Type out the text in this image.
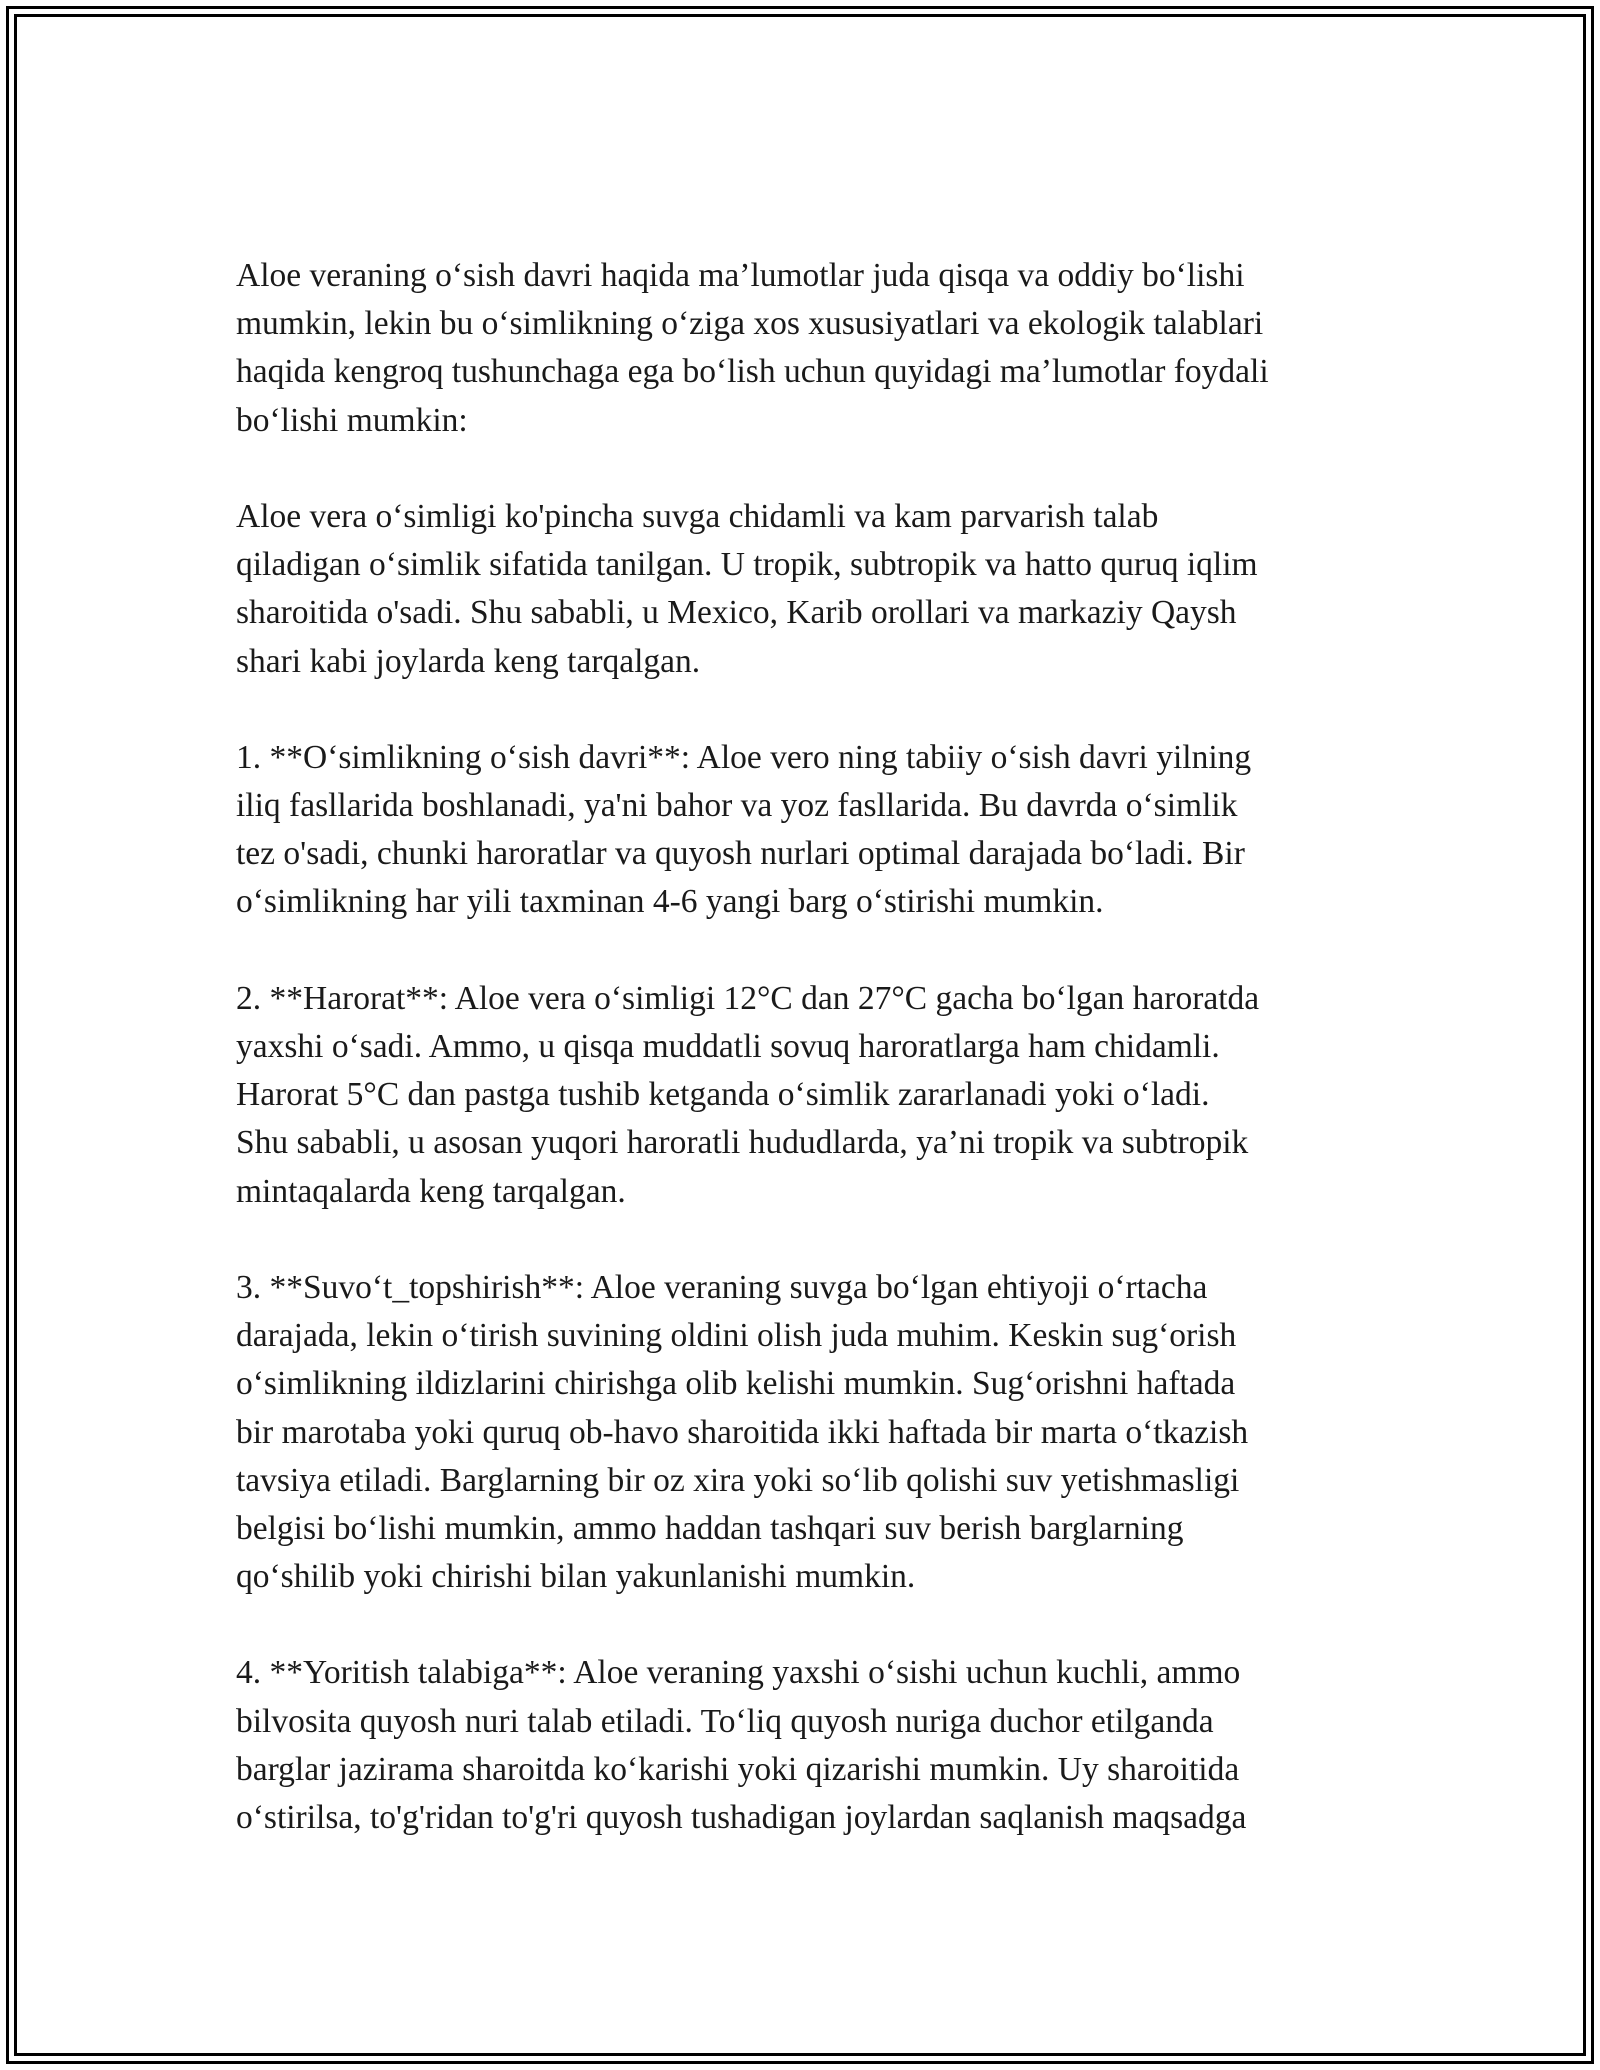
Aloe veraning o‘sish davri haqida ma’lumotlar juda qisqa va oddiy bo‘lishi
mumkin, lekin bu o‘simlikning o‘ziga xos xususiyatlari va ekologik talablari
haqida kengroq tushunchaga ega bo‘lish uchun quyidagi ma’lumotlar foydali
bo‘lishi mumkin:
Aloe vera o‘simligi ko'pincha suvga chidamli va kam parvarish talab
qiladigan o‘simlik sifatida tanilgan. U tropik, subtropik va hatto quruq iqlim
sharoitida o'sadi. Shu sababli, u Mexico, Karib orollari va markaziy Qaysh
shari kabi joylarda keng tarqalgan.
1. **O‘simlikning o‘sish davri**: Aloe vero ning tabiiy o‘sish davri yilning
iliq fasllarida boshlanadi, ya'ni bahor va yoz fasllarida. Bu davrda o‘simlik
tez o'sadi, chunki haroratlar va quyosh nurlari optimal darajada bo‘ladi. Bir
o‘simlikning har yili taxminan 4-6 yangi barg o‘stirishi mumkin.
2. **Harorat**: Aloe vera o‘simligi 12°C dan 27°C gacha bo‘lgan haroratda
yaxshi o‘sadi. Ammo, u qisqa muddatli sovuq haroratlarga ham chidamli.
Harorat 5°C dan pastga tushib ketganda o‘simlik zararlanadi yoki o‘ladi.
Shu sababli, u asosan yuqori haroratli hududlarda, ya’ni tropik va subtropik
mintaqalarda keng tarqalgan.
3. **Suvo‘t_topshirish**: Aloe veraning suvga bo‘lgan ehtiyoji o‘rtacha
darajada, lekin o‘tirish suvining oldini olish juda muhim. Keskin sug‘orish
o‘simlikning ildizlarini chirishga olib kelishi mumkin. Sug‘orishni haftada
bir marotaba yoki quruq ob-havo sharoitida ikki haftada bir marta o‘tkazish
tavsiya etiladi. Barglarning bir oz xira yoki so‘lib qolishi suv yetishmasligi
belgisi bo‘lishi mumkin, ammo haddan tashqari suv berish barglarning
qo‘shilib yoki chirishi bilan yakunlanishi mumkin.
4. **Yoritish talabiga**: Aloe veraning yaxshi o‘sishi uchun kuchli, ammo
bilvosita quyosh nuri talab etiladi. To‘liq quyosh nuriga duchor etilganda
barglar jazirama sharoitda ko‘karishi yoki qizarishi mumkin. Uy sharoitida
o‘stirilsa, to'g'ridan to'g'ri quyosh tushadigan joylardan saqlanish maqsadga
